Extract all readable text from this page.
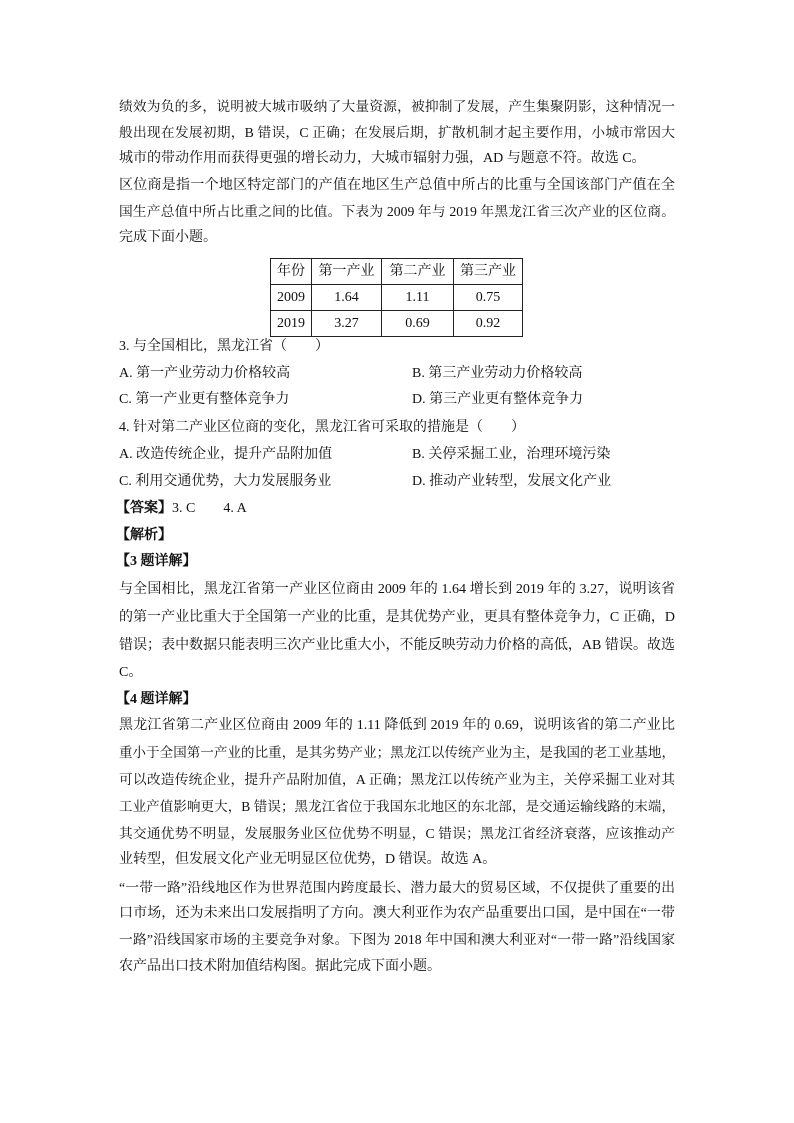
绩效为负的多，说明被大城市吸纳了大量资源，被抑制了发展，产生集聚阴影，这种情况一
般出现在发展初期，B 错误，C 正确；在发展后期，扩散机制才起主要作用，小城市常因大
城市的带动作用而获得更强的增长动力，大城市辐射力强，AD 与题意不符。故选 C。
区位商是指一个地区特定部门的产值在地区生产总值中所占的比重与全国该部门产值在全
国生产总值中所占比重之间的比值。下表为 2009 年与 2019 年黑龙江省三次产业的区位商。
完成下面小题。
年份	第一产业	第二产业	第三产业
2009	1.64	1.11	0.75
2019	3.27	0.69	0.92
3. 与全国相比，黑龙江省（　　）
A. 第一产业劳动力价格较高	B. 第三产业劳动力价格较高
C. 第一产业更有整体竞争力	D. 第三产业更有整体竞争力
4. 针对第二产业区位商的变化，黑龙江省可采取的措施是（　　）
A. 改造传统企业，提升产品附加值	B. 关停采掘工业，治理环境污染
C. 利用交通优势，大力发展服务业	D. 推动产业转型，发展文化产业
【答案】3. C　　4. A
【解析】
【3 题详解】
与全国相比，黑龙江省第一产业区位商由 2009 年的 1.64 增长到 2019 年的 3.27，说明该省
的第一产业比重大于全国第一产业的比重，是其优势产业，更具有整体竞争力，C 正确，D
错误；表中数据只能表明三次产业比重大小，不能反映劳动力价格的高低，AB 错误。故选
C。
【4 题详解】
黑龙江省第二产业区位商由 2009 年的 1.11 降低到 2019 年的 0.69，说明该省的第二产业比
重小于全国第一产业的比重，是其劣势产业；黑龙江以传统产业为主，是我国的老工业基地，
可以改造传统企业，提升产品附加值，A 正确；黑龙江以传统产业为主，关停采掘工业对其
工业产值影响更大，B 错误；黑龙江省位于我国东北地区的东北部，是交通运输线路的末端，
其交通优势不明显，发展服务业区位优势不明显，C 错误；黑龙江省经济衰落，应该推动产
业转型，但发展文化产业无明显区位优势，D 错误。故选 A。
“一带一路”沿线地区作为世界范围内跨度最长、潜力最大的贸易区域，不仅提供了重要的出
口市场，还为未来出口发展指明了方向。澳大利亚作为农产品重要出口国，是中国在“一带
一路”沿线国家市场的主要竞争对象。下图为 2018 年中国和澳大利亚对“一带一路”沿线国家
农产品出口技术附加值结构图。据此完成下面小题。
